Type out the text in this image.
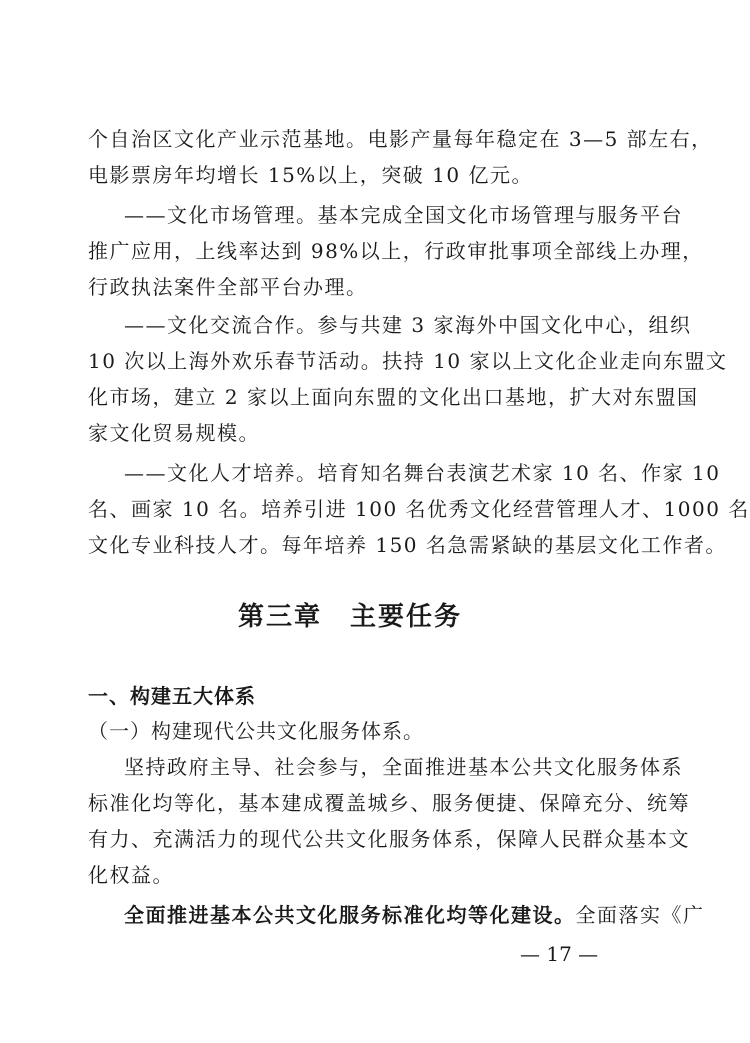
个自治区文化产业示范基地。电影产量每年稳定在 3—5 部左右，
电影票房年均增长 15%以上，突破 10 亿元。
——文化市场管理。基本完成全国文化市场管理与服务平台
推广应用，上线率达到 98%以上，行政审批事项全部线上办理，
行政执法案件全部平台办理。
——文化交流合作。参与共建 3 家海外中国文化中心，组织
10 次以上海外欢乐春节活动。扶持 10 家以上文化企业走向东盟文
化市场，建立 2 家以上面向东盟的文化出口基地，扩大对东盟国
家文化贸易规模。
——文化人才培养。培育知名舞台表演艺术家 10 名、作家 10
名、画家 10 名。培养引进 100 名优秀文化经营管理人才、1000 名
文化专业科技人才。每年培养 150 名急需紧缺的基层文化工作者。
第三章　主要任务
一、构建五大体系
（一）构建现代公共文化服务体系。
坚持政府主导、社会参与，全面推进基本公共文化服务体系
标准化均等化，基本建成覆盖城乡、服务便捷、保障充分、统筹
有力、充满活力的现代公共文化服务体系，保障人民群众基本文
化权益。
全面推进基本公共文化服务标准化均等化建设。全面落实《广
— 17 —
